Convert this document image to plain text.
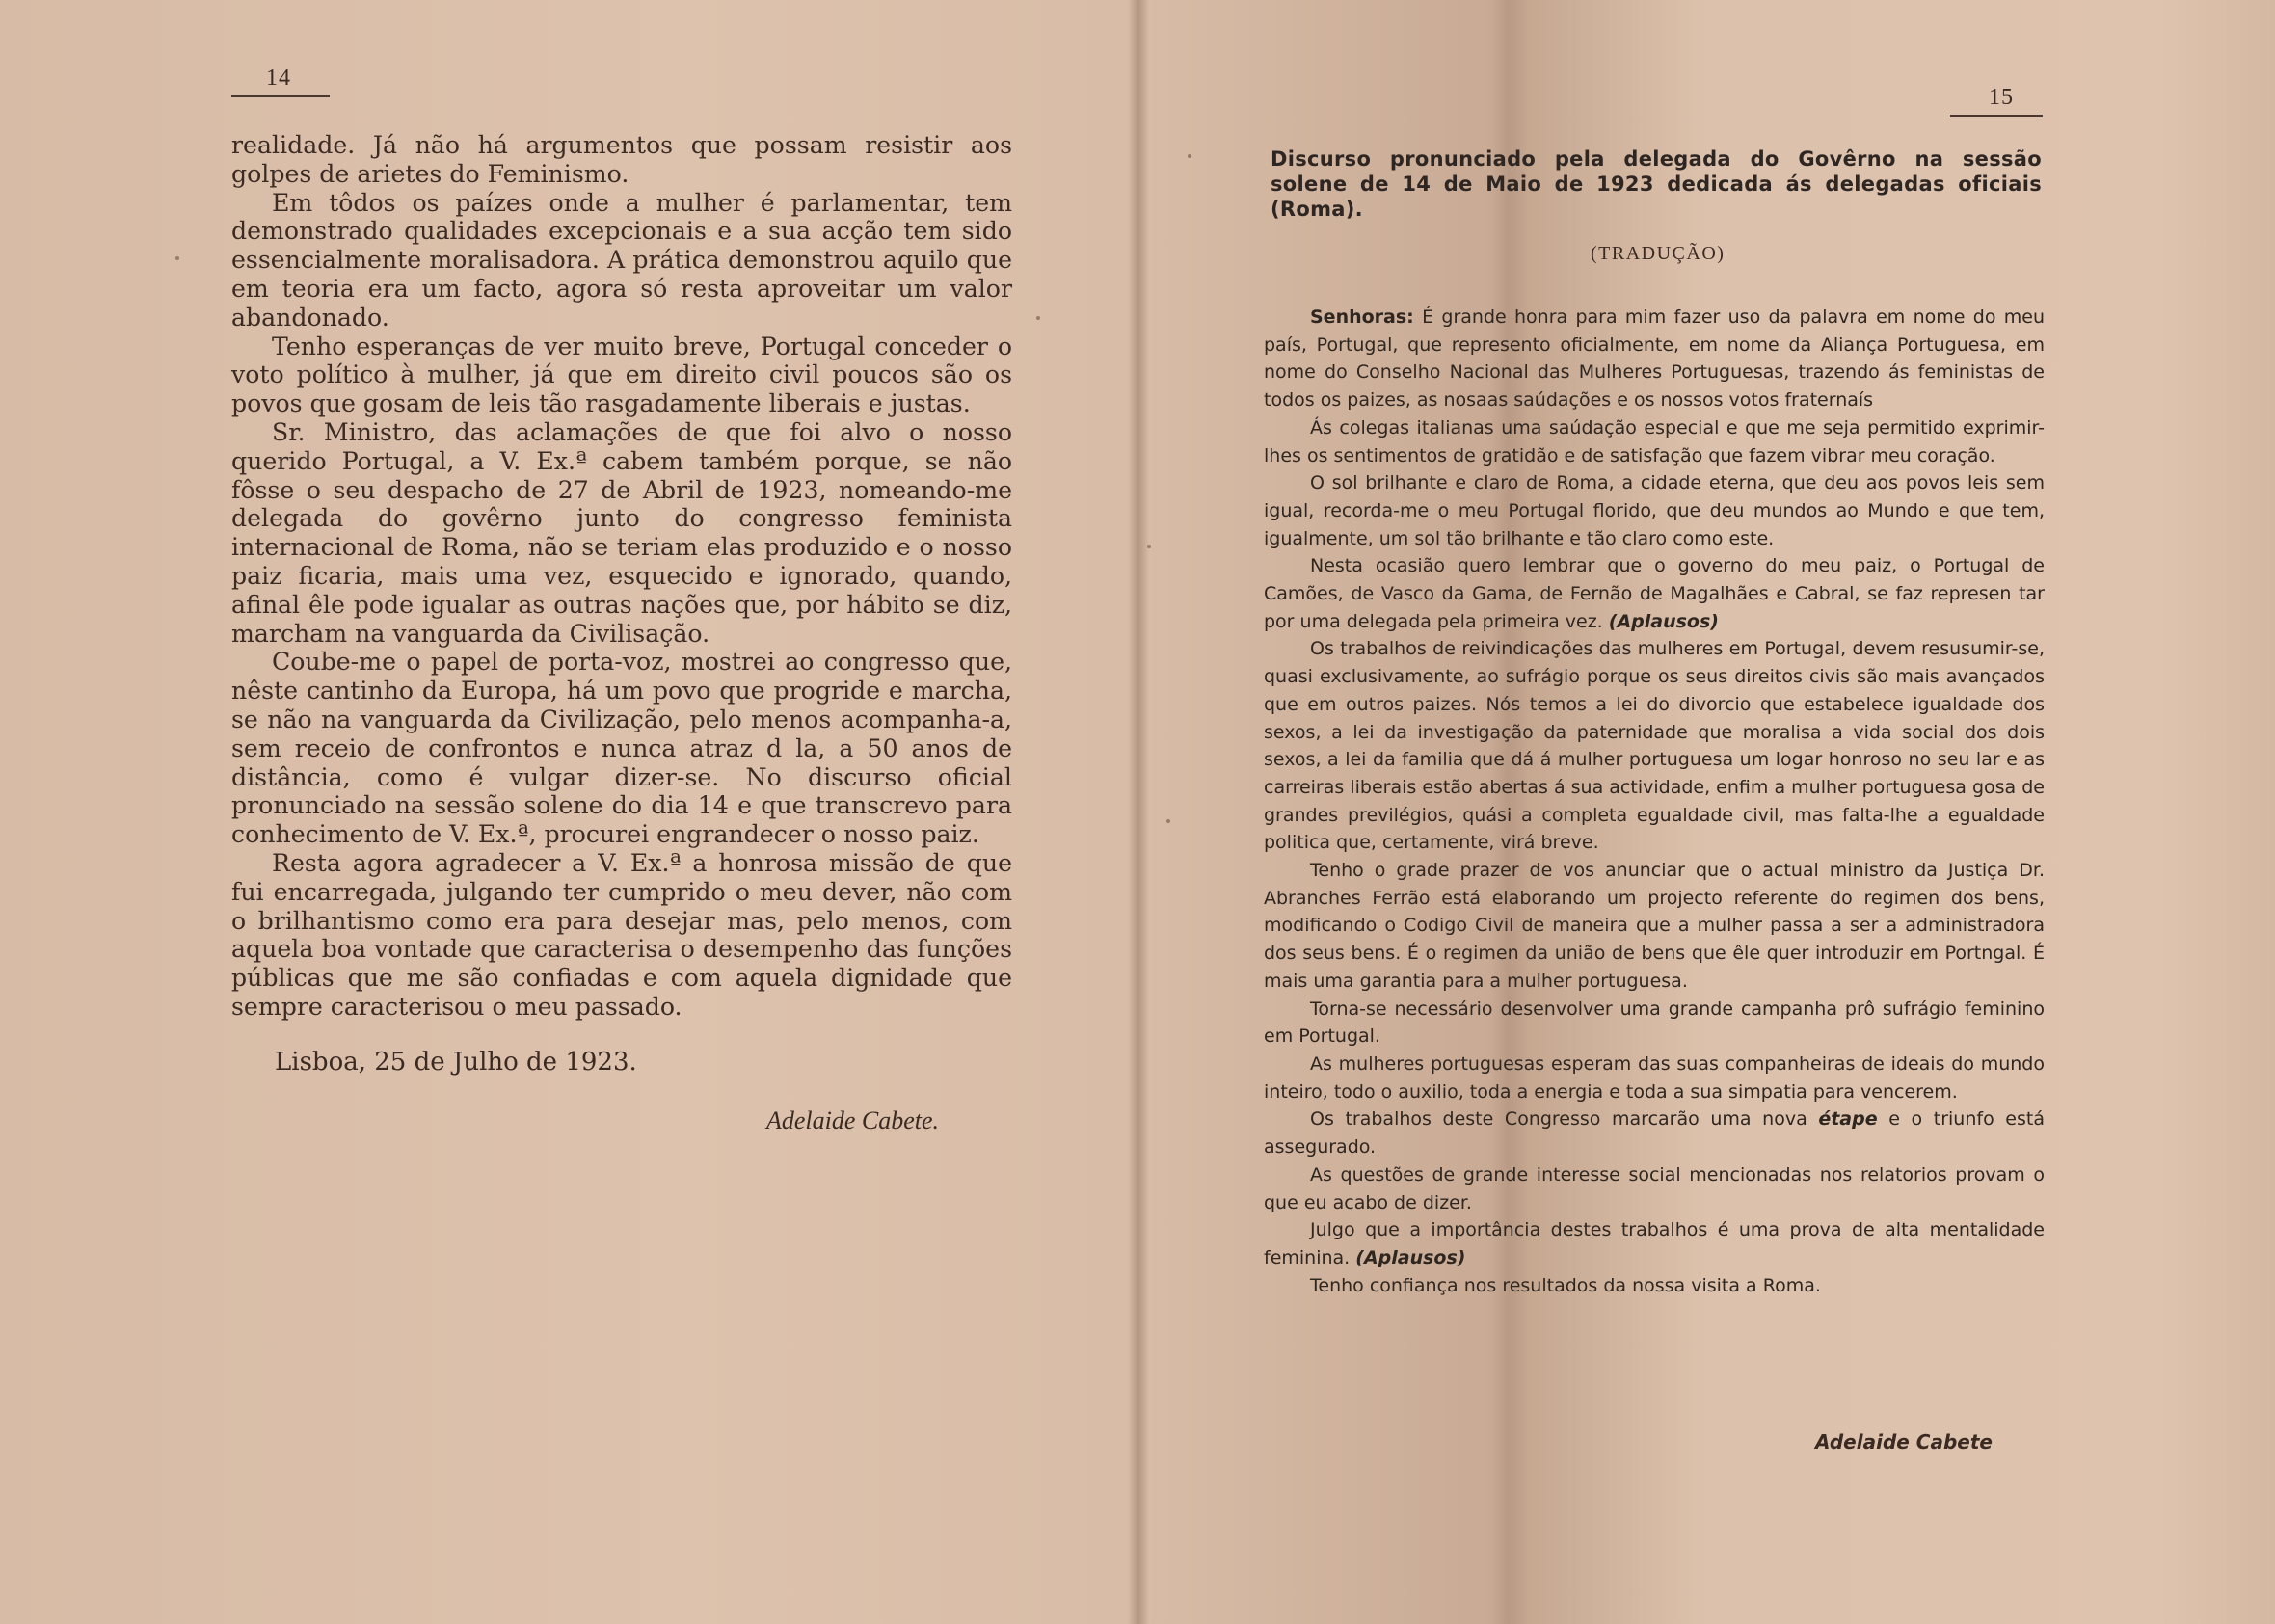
14

realidade. Já não há argumentos que possam resistir aos golpes de arietes do Feminismo.

Em tôdos os paízes onde a mulher é parlamentar, tem demonstrado qualidades excepcionais e a sua acção tem sido essencialmente moralisadora. A prática demonstrou aquilo que em teoria era um facto, agora só resta aproveitar um valor abandonado.

Tenho esperanças de ver muito breve, Portugal conceder o voto político à mulher, já que em direito civil poucos são os povos que gosam de leis tão rasgadamente liberais e justas.

Sr. Ministro, das aclamações de que foi alvo o nosso querido Portugal, a V. Ex.ª cabem também porque, se não fôsse o seu despacho de 27 de Abril de 1923, nomeando-me delegada do govêrno junto do congresso feminista internacional de Roma, não se teriam elas produzido e o nosso paiz ficaria, mais uma vez, esquecido e ignorado, quando, afinal êle pode igualar as outras nações que, por hábito se diz, marcham na vanguarda da Civilisação.

Coube-me o papel de porta-voz, mostrei ao congresso que, nêste cantinho da Europa, há um povo que progride e marcha, se não na vanguarda da Civilização, pelo menos acompanha-a, sem receio de confrontos e nunca atraz d la, a 50 anos de distância, como é vulgar dizer-se. No discurso oficial pronunciado na sessão solene do dia 14 e que transcrevo para conhecimento de V. Ex.ª, procurei engrandecer o nosso paiz.

Resta agora agradecer a V. Ex.ª a honrosa missão de que fui encarregada, julgando ter cumprido o meu dever, não com o brilhantismo como era para desejar mas, pelo menos, com aquela boa vontade que caracterisa o desempenho das funções públicas que me são confiadas e com aquela dignidade que sempre caracterisou o meu passado.

Lisboa, 25 de Julho de 1923.
Adelaide Cabete.
15
Discurso pronunciado pela delegada do Govêrno na sessão solene de 14 de Maio de 1923 dedicada ás delegadas oficiais (Roma).
(TRADUÇÃO)

Senhoras: É grande honra para mim fazer uso da palavra em nome do meu país, Portugal, que represento oficialmente, em nome da Aliança Portuguesa, em nome do Conselho Nacional das Mulheres Portuguesas, trazendo ás feministas de todos os paizes, as nosaas saúdações e os nossos votos fraternaís

Ás colegas italianas uma saúdação especial e que me seja permitido exprimir-lhes os sentimentos de gratidão e de satisfação que fazem vibrar meu coração.

O sol brilhante e claro de Roma, a cidade eterna, que deu aos povos leis sem igual, recorda-me o meu Portugal florido, que deu mundos ao Mundo e que tem, igualmente, um sol tão brilhante e tão claro como este.

Nesta ocasião quero lembrar que o governo do meu paiz, o Portugal de Camões, de Vasco da Gama, de Fernão de Magalhães e Cabral, se faz represen tar por uma delegada pela primeira vez. (Aplausos)

Os trabalhos de reivindicações das mulheres em Portugal, devem resusumir-se, quasi exclusivamente, ao sufrágio porque os seus direitos civis são mais avançados que em outros paizes. Nós temos a lei do divorcio que estabelece igualdade dos sexos, a lei da investigação da paternidade que moralisa a vida social dos dois sexos, a lei da familia que dá á mulher portuguesa um logar honroso no seu lar e as carreiras liberais estão abertas á sua actividade, enfim a mulher portuguesa gosa de grandes previlégios, quási a completa egualdade civil, mas falta-lhe a egualdade politica que, certamente, virá breve.

Tenho o grade prazer de vos anunciar que o actual ministro da Justiça Dr. Abranches Ferrão está elaborando um projecto referente do regimen dos bens, modificando o Codigo Civil de maneira que a mulher passa a ser a administradora dos seus bens. É o regimen da união de bens que êle quer introduzir em Portngal. É mais uma garantia para a mulher portuguesa.

Torna-se necessário desenvolver uma grande campanha prô sufrágio feminino em Portugal.

As mulheres portuguesas esperam das suas companheiras de ideais do mundo inteiro, todo o auxilio, toda a energia e toda a sua simpatia para vencerem.

Os trabalhos deste Congresso marcarão uma nova étape e o triunfo está assegurado.

As questões de grande interesse social mencionadas nos relatorios provam o que eu acabo de dizer.

Julgo que a importância destes trabalhos é uma prova de alta mentalidade feminina. (Aplausos)

Tenho confiança nos resultados da nossa visita a Roma.

Adelaide Cabete
